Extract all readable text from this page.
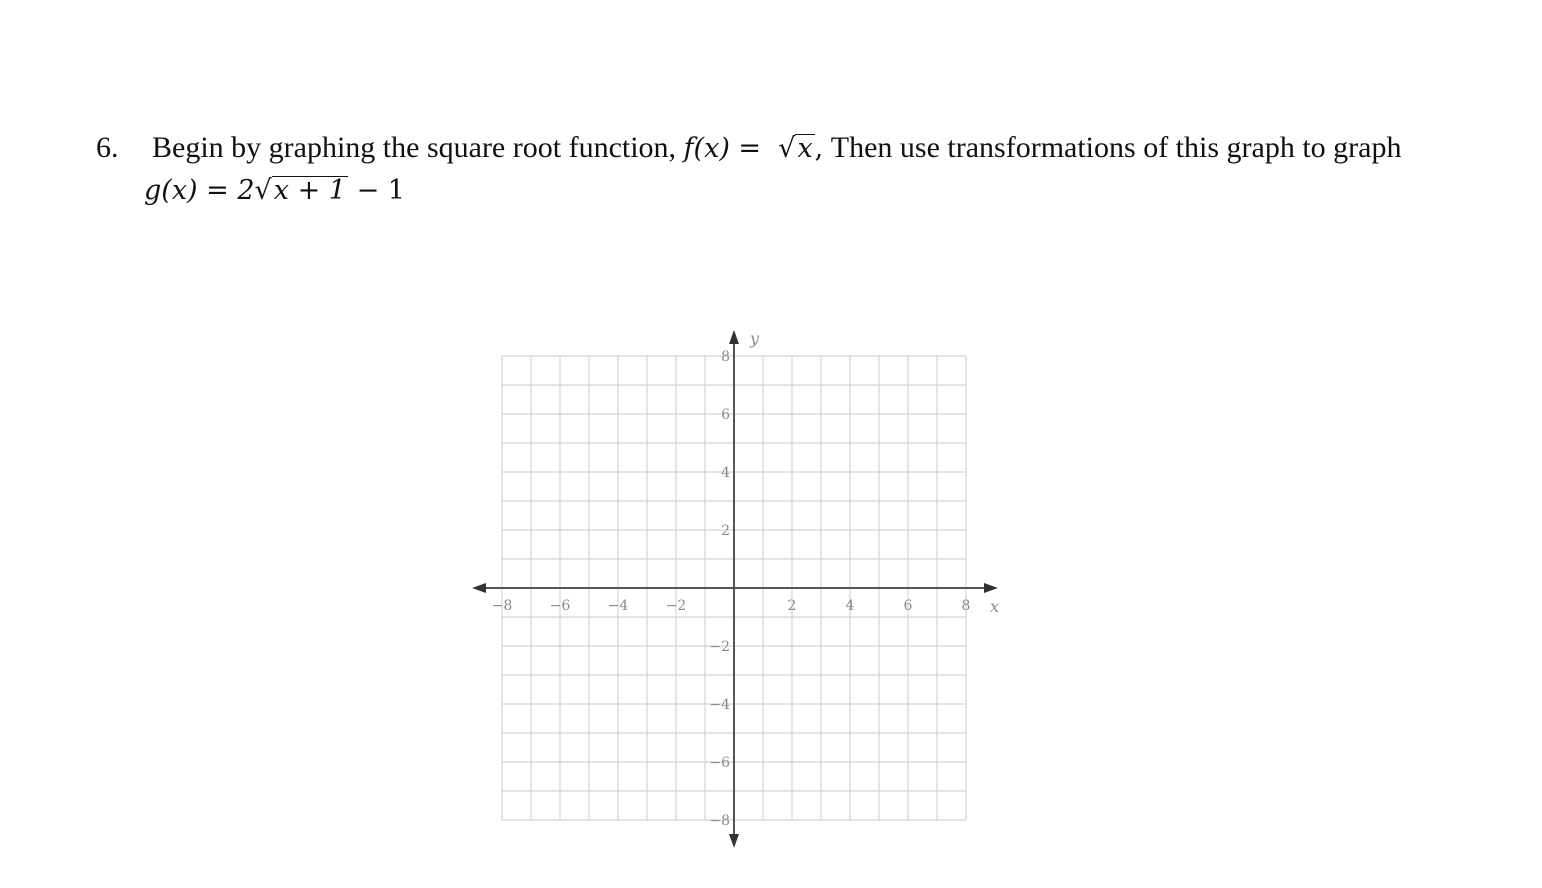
6.	Begin by graphing the square root function,
f(x) =  √x,
Then use transformations of this graph to graph
g(x) = 2√x + 1 − 1
−8	−6	−4	−2	2	4	6	8
8
6
4
2
−2
−4
−6
−8
x
y
